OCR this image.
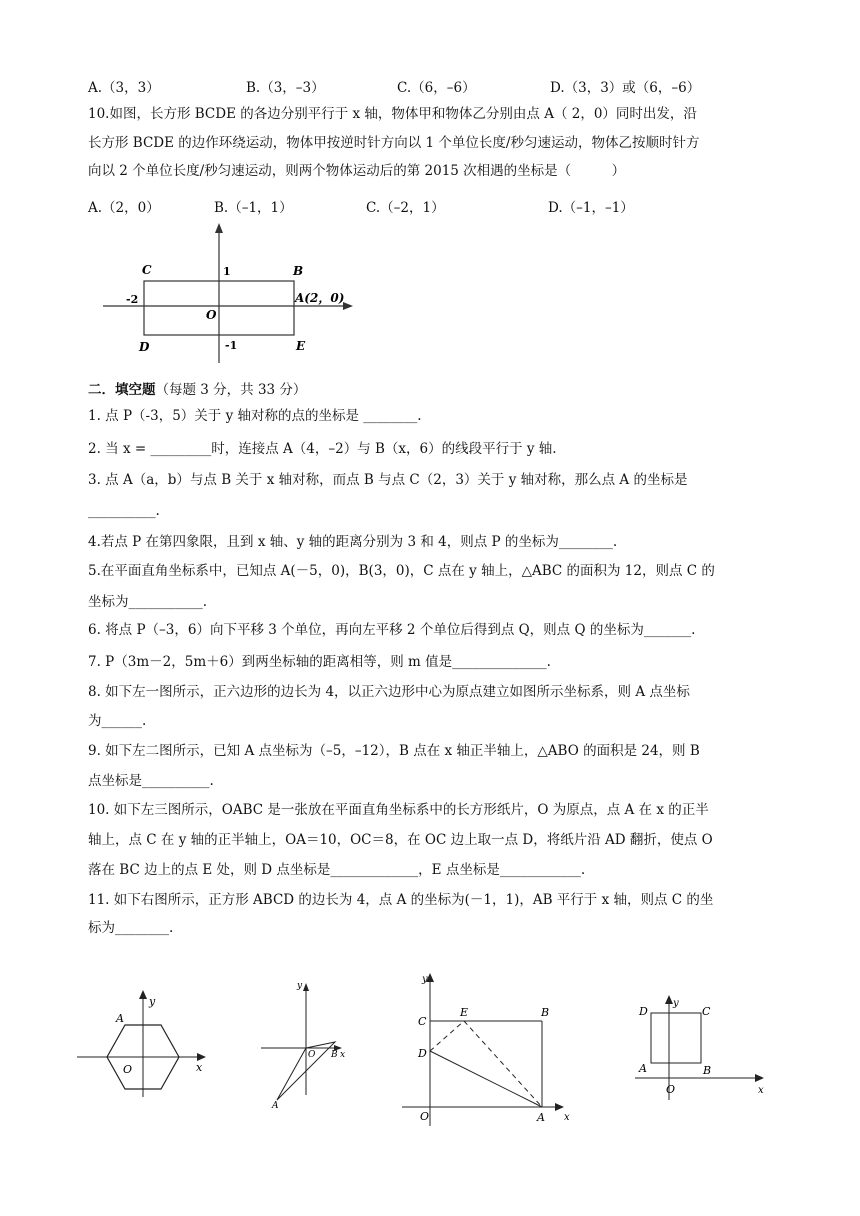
A.（3，3）	B.（3，–3）	C.（6，–6）	D.（3，3）或（6，–6）
10.如图，长方形 BCDE 的各边分别平行于 x 轴，物体甲和物体乙分别由点 A（ 2，0）同时出发，沿
长方形 BCDE 的边作环绕运动，物体甲按逆时针方向以 1 个单位长度/秒匀速运动，物体乙按顺时针方
向以 2 个单位长度/秒匀速运动，则两个物体运动后的第 2015 次相遇的坐标是（　　　）
A.（2，0）	B.（–1，1）	C.（–2，1）	D.（–1，–1）
C	B
D	E
O
1
-1
-2	A(2，0)
二．填空题（每题 3 分，共 33 分）
1. 点 P（-3，5）关于 y 轴对称的点的坐标是 ________.
2. 当 x = _________时，连接点 A（4，–2）与 B（x，6）的线段平行于 y 轴.
3. 点 A（a，b）与点 B 关于 x 轴对称，而点 B 与点 C（2，3）关于 y 轴对称，那么点 A 的坐标是
__________.
4.若点 P 在第四象限，且到 x 轴、y 轴的距离分别为 3 和 4，则点 P 的坐标为________.
5.在平面直角坐标系中，已知点 A(－5，0)，B(3，0)，C 点在 y 轴上，△ABC 的面积为 12，则点 C 的
坐标为___________.
6. 将点 P（–3，6）向下平移 3 个单位，再向左平移 2 个单位后得到点 Q，则点 Q 的坐标为_______.
7. P（3m－2，5m＋6）到两坐标轴的距离相等，则 m 值是______________.
8. 如下左一图所示，正六边形的边长为 4，以正六边形中心为原点建立如图所示坐标系，则 A 点坐标
为______.
9. 如下左二图所示，已知 A 点坐标为（–5，–12），B 点在 x 轴正半轴上，△ABO 的面积是 24，则 B
点坐标是__________.
10. 如下左三图所示，OABC 是一张放在平面直角坐标系中的长方形纸片，O 为原点，点 A 在 x 的正半
轴上，点 C 在 y 轴的正半轴上，OA＝10，OC＝8，在 OC 边上取一点 D，将纸片沿 AD 翻折，使点 O
落在 BC 边上的点 E 处，则 D 点坐标是_____________，E 点坐标是____________.
11. 如下右图所示，正方形 ABCD 的边长为 4，点 A 的坐标为(－1，1)，AB 平行于 x 轴，则点 C 的坐
标为________.
y
x
A
O
y
x
B
O
A
y
x
C
E	B
D
O	A
y
x
D	C
A	B
O
